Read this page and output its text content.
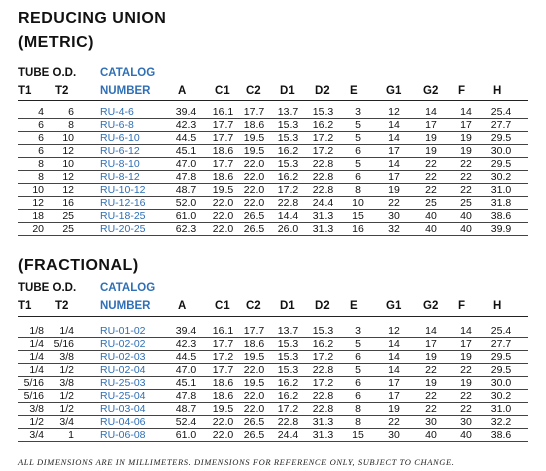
REDUCING UNION
(METRIC)
TUBE O.D. CATALOG
T1 T2	NUMBER A C1 C2 D1 D2 E G1 G2 F H
4	6 RU-4-6	39.4	16.1	17.7	13.7	15.3	3	12	14	14	25.4
6	8 RU-6-8	42.3	17.7	18.6	15.3	16.2	5	14	17	17	27.7
6	10 RU-6-10	44.5	17.7	19.5	15.3	17.2	5	14	19	19	29.5
6	12 RU-6-12	45.1	18.6	19.5	16.2	17.2	6	17	19	19	30.0
8	10 RU-8-10	47.0	17.7	22.0	15.3	22.8	5	14	22	22	29.5
8	12 RU-8-12	47.8	18.6	22.0	16.2	22.8	6	17	22	22	30.2
10	12 RU-10-12	48.7	19.5	22.0	17.2	22.8	8	19	22	22	31.0
12	16 RU-12-16	52.0	22.0	22.0	22.8	24.4	10	22	25	25	31.8
18	25 RU-18-25	61.0	22.0	26.5	14.4	31.3	15	30	40	40	38.6
20	25 RU-20-25	62.3	22.0	26.5	26.0	31.3	16	32	40	40	39.9
(FRACTIONAL)
TUBE O.D. CATALOG
T1 T2	NUMBER A C1 C2 D1 D2 E G1 G2 F H
1/8	1/4 RU-01-02	39.4	16.1	17.7	13.7	15.3	3	12	14	14	25.4
1/4 5/16 RU-02-02	42.3	17.7	18.6	15.3	16.2	5	14	17	17	27.7
1/4	3/8 RU-02-03	44.5	17.2	19.5	15.3	17.2	6	14	19	19	29.5
1/4	1/2 RU-02-04	47.0	17.7	22.0	15.3	22.8	5	14	22	22	29.5
5/16	3/8 RU-25-03	45.1	18.6	19.5	16.2	17.2	6	17	19	19	30.0
5/16	1/2 RU-25-04	47.8	18.6	22.0	16.2	22.8	6	17	22	22	30.2
3/8	1/2 RU-03-04	48.7	19.5	22.0	17.2	22.8	8	19	22	22	31.0
1/2	3/4 RU-04-06	52.4	22.0	26.5	22.8	31.3	8	22	30	30	32.2
3/4	1 RU-06-08	61.0	22.0	26.5	24.4	31.3	15	30	40	40	38.6
ALL DIMENSIONS ARE IN MILLIMETERS. DIMENSIONS FOR REFERENCE ONLY, SUBJECT TO CHANGE.
